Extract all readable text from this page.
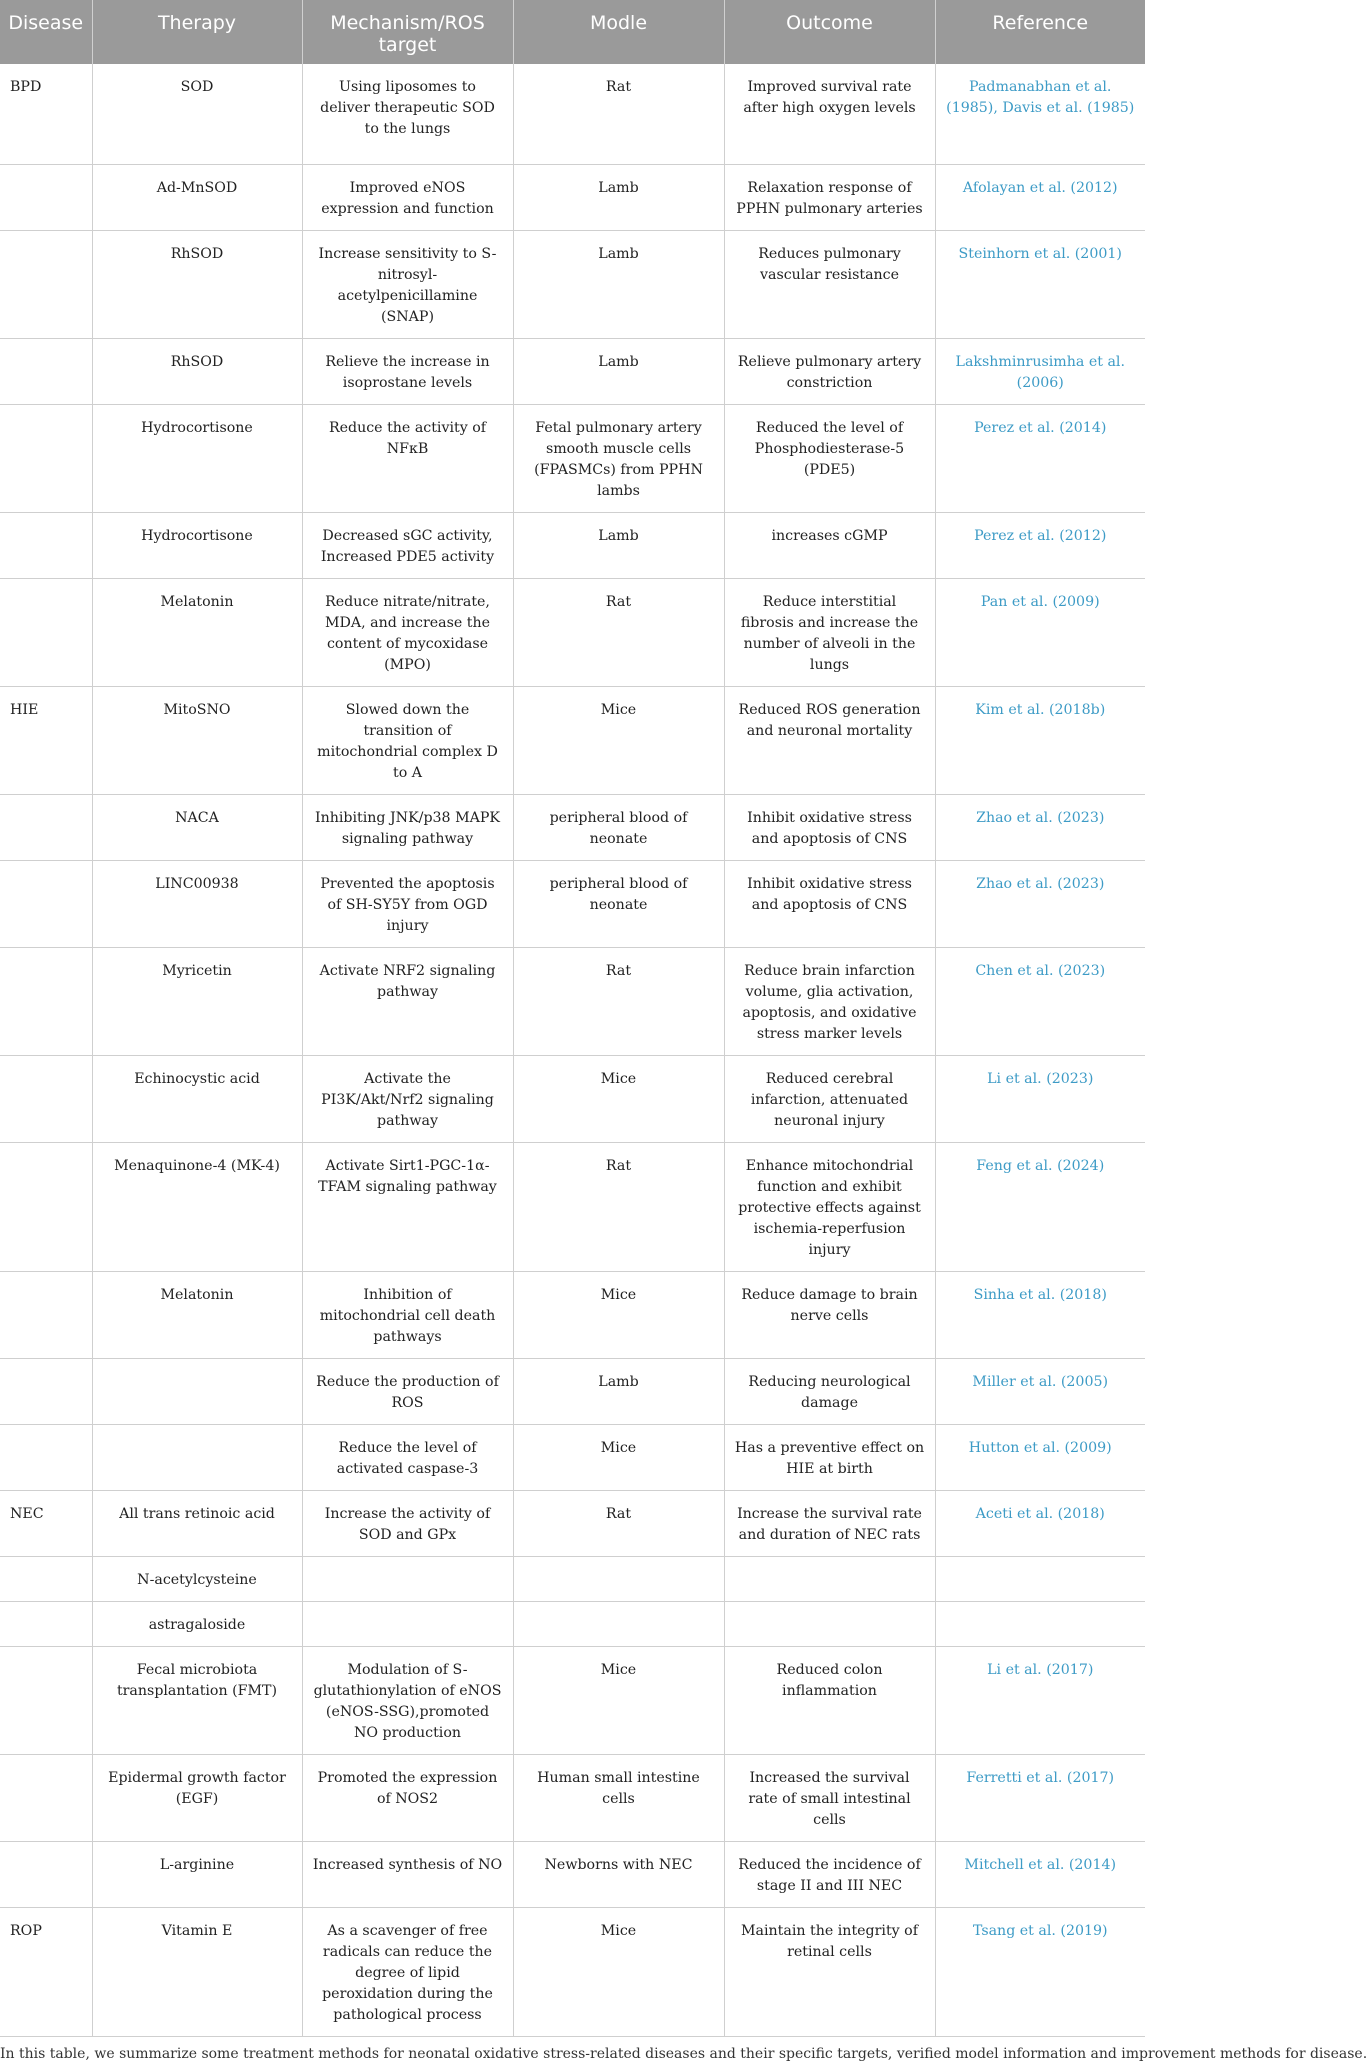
Disease	Therapy	Mechanism/ROS target	Modle	Outcome	Reference
BPD	SOD	Using liposomes to deliver therapeutic SOD to the lungs	Rat	Improved survival rate after high oxygen levels	Padmanabhan et al. (1985), Davis et al. (1985)
	Ad-MnSOD	Improved eNOS expression and function	Lamb	Relaxation response of PPHN pulmonary arteries	Afolayan et al. (2012)
	RhSOD	Increase sensitivity to S-nitrosyl-acetylpenicillamine (SNAP)	Lamb	Reduces pulmonary vascular resistance	Steinhorn et al. (2001)
	RhSOD	Relieve the increase in isoprostane levels	Lamb	Relieve pulmonary artery constriction	Lakshminrusimha et al. (2006)
	Hydrocortisone	Reduce the activity of NFκB	Fetal pulmonary artery smooth muscle cells (FPASMCs) from PPHN lambs	Reduced the level of Phosphodiesterase-5 (PDE5)	Perez et al. (2014)
	Hydrocortisone	Decreased sGC activity, Increased PDE5 activity	Lamb	increases cGMP	Perez et al. (2012)
	Melatonin	Reduce nitrate/nitrate, MDA, and increase the content of mycoxidase (MPO)	Rat	Reduce interstitial fibrosis and increase the number of alveoli in the lungs	Pan et al. (2009)
HIE	MitoSNO	Slowed down the transition of mitochondrial complex D to A	Mice	Reduced ROS generation and neuronal mortality	Kim et al. (2018b)
	NACA	Inhibiting JNK/p38 MAPK signaling pathway	peripheral blood of neonate	Inhibit oxidative stress and apoptosis of CNS	Zhao et al. (2023)
	LINC00938	Prevented the apoptosis of SH-SY5Y from OGD injury	peripheral blood of neonate	Inhibit oxidative stress and apoptosis of CNS	Zhao et al. (2023)
	Myricetin	Activate NRF2 signaling pathway	Rat	Reduce brain infarction volume, glia activation, apoptosis, and oxidative stress marker levels	Chen et al. (2023)
	Echinocystic acid	Activate the PI3K/Akt/Nrf2 signaling pathway	Mice	Reduced cerebral infarction, attenuated neuronal injury	Li et al. (2023)
	Menaquinone-4 (MK-4)	Activate Sirt1-PGC-1α-TFAM signaling pathway	Rat	Enhance mitochondrial function and exhibit protective effects against ischemia-reperfusion injury	Feng et al. (2024)
	Melatonin	Inhibition of mitochondrial cell death pathways	Mice	Reduce damage to brain nerve cells	Sinha et al. (2018)
		Reduce the production of ROS	Lamb	Reducing neurological damage	Miller et al. (2005)
		Reduce the level of activated caspase-3	Mice	Has a preventive effect on HIE at birth	Hutton et al. (2009)
NEC	All trans retinoic acid	Increase the activity of SOD and GPx	Rat	Increase the survival rate and duration of NEC rats	Aceti et al. (2018)
	N-acetylcysteine				
	astragaloside				
	Fecal microbiota transplantation (FMT)	Modulation of S-glutathionylation of eNOS (eNOS-SSG),promoted NO production	Mice	Reduced colon inflammation	Li et al. (2017)
	Epidermal growth factor (EGF)	Promoted the expression of NOS2	Human small intestine cells	Increased the survival rate of small intestinal cells	Ferretti et al. (2017)
	L-arginine	Increased synthesis of NO	Newborns with NEC	Reduced the incidence of stage II and III NEC	Mitchell et al. (2014)
ROP	Vitamin E	As a scavenger of free radicals can reduce the degree of lipid peroxidation during the pathological process	Mice	Maintain the integrity of retinal cells	Tsang et al. (2019)
In this table, we summarize some treatment methods for neonatal oxidative stress-related diseases and their specific targets, verified model information and improvement methods for disease.
